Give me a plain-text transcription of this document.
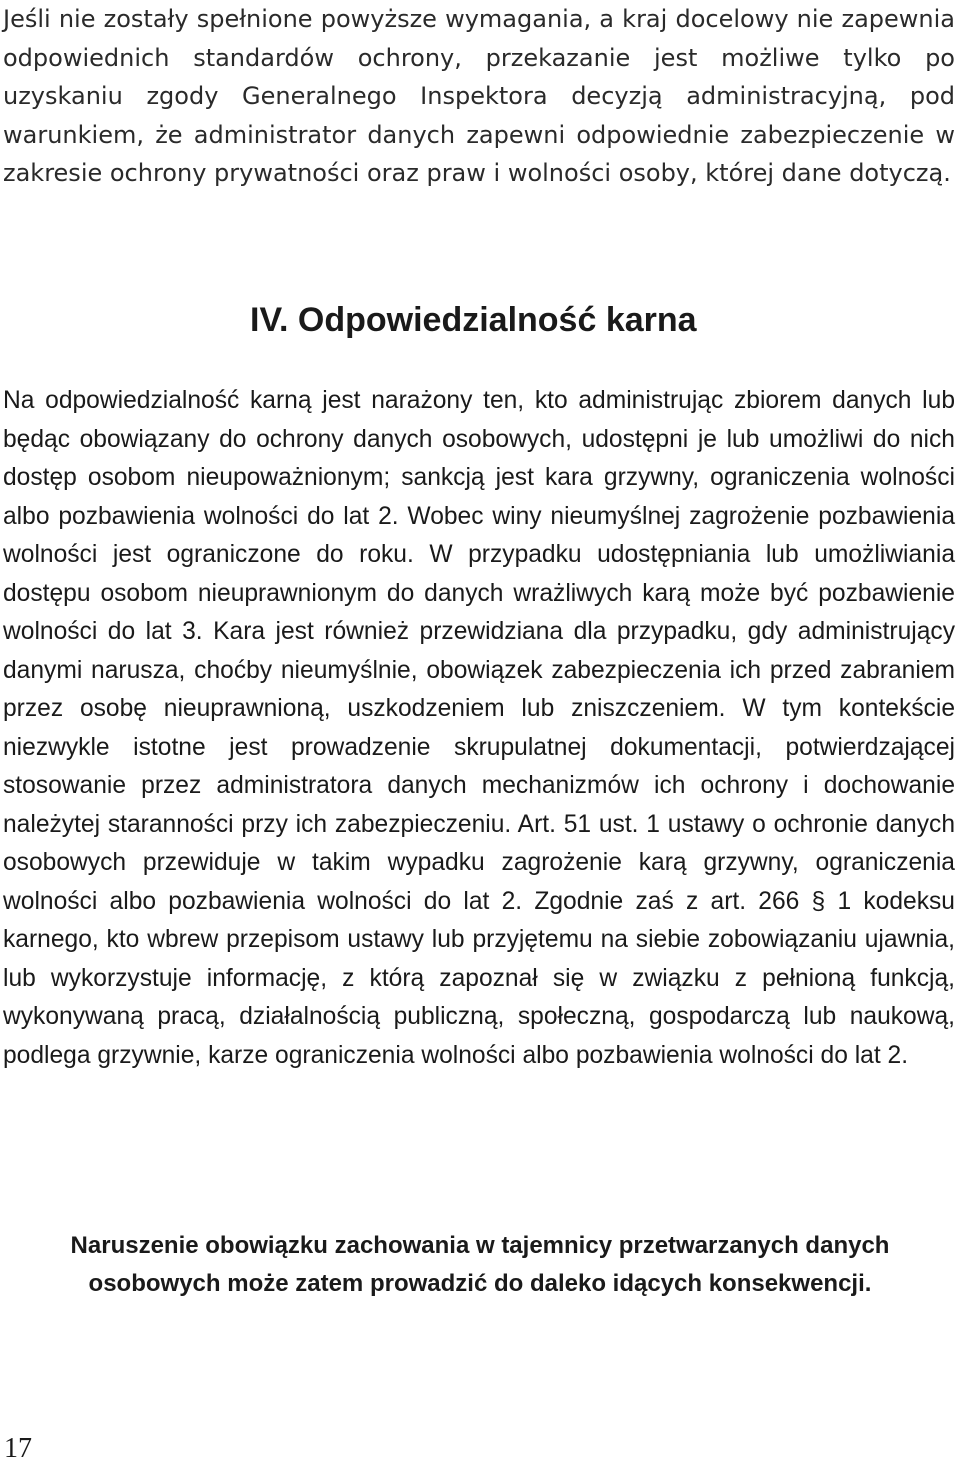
Jeśli nie zostały spełnione powyższe wymagania, a kraj docelowy nie zapewnia odpowiednich standardów ochrony, przekazanie jest możliwe tylko po uzyskaniu zgody Generalnego Inspektora decyzją administracyjną, pod warunkiem, że administrator danych zapewni odpowiednie zabezpieczenie w zakresie ochrony prywatności oraz praw i wolności osoby, której dane dotyczą.

IV. Odpowiedzialność karna

Na odpowiedzialność karną jest narażony ten, kto administrując zbiorem danych lub będąc obowiązany do ochrony danych osobowych, udostępni je lub umożliwi do nich dostęp osobom nieupoważnionym; sankcją jest kara grzywny, ograniczenia wolności albo pozbawienia wolności do lat 2. Wobec winy nieumyślnej zagrożenie pozbawienia wolności jest ograniczone do roku. W przypadku udostępniania lub umożliwiania dostępu osobom nieuprawnionym do danych wrażliwych karą może być pozbawienie wolności do lat 3. Kara jest również przewidziana dla przypadku, gdy administrujący danymi narusza, choćby nieumyślnie, obowiązek zabezpieczenia ich przed zabraniem przez osobę nieuprawnioną, uszkodzeniem lub zniszczeniem. W tym kontekście niezwykle istotne jest prowadzenie skrupulatnej dokumentacji, potwierdzającej stosowanie przez administratora danych mechanizmów ich ochrony i dochowanie należytej staranności przy ich zabezpieczeniu. Art. 51 ust. 1 ustawy o ochronie danych osobowych przewiduje w takim wypadku zagrożenie karą grzywny, ograniczenia wolności albo pozbawienia wolności do lat 2. Zgodnie zaś z art. 266 § 1 kodeksu karnego, kto wbrew przepisom ustawy lub przyjętemu na siebie zobowiązaniu ujawnia, lub wykorzystuje informację, z którą zapoznał się w związku z pełnioną funkcją, wykonywaną pracą, działalnością publiczną, społeczną, gospodarczą lub naukową, podlega grzywnie, karze ograniczenia wolności albo pozbawienia wolności do lat 2.

Naruszenie obowiązku zachowania w tajemnicy przetwarzanych danych
osobowych może zatem prowadzić do daleko idących konsekwencji.

17
